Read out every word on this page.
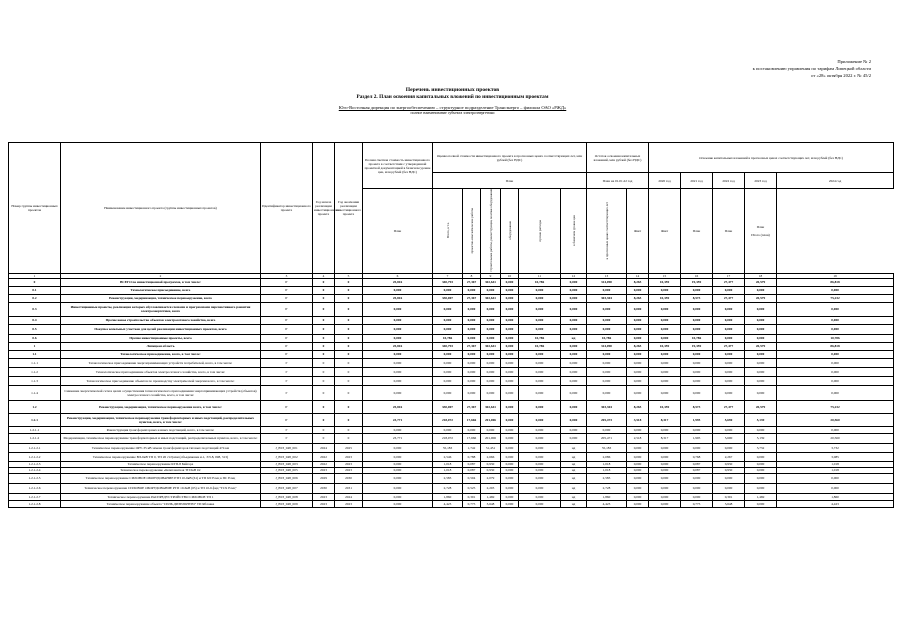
Приложение № 2
к постановлению управления по тарифам Липецкой области
от «28» октября 2022 г. № 45/2
Перечень инвестиционных проектов
Раздел 2. План освоения капитальных вложений по инвестиционным проектам
Юго-Восточная дирекция по энергообеспечению – структурное подразделение Трансэнерго – филиала ОАО «РЖД»
полное наименование субъекта электроэнергетики
Номер группы инвестиционных проектов	Наименование инвестиционного проекта (группы инвестиционных проектов)	Идентификатор инвестиционного проекта	Год начала реализации инвестиционного проекта	Год окончания реализации инвестиционного проекта	Полная сметная стоимость инвестиционного проекта в соответствии с утвержденной проектной документацией в базисном уровне цен, млн рублей (без НДС)	Оценка полной стоимости инвестиционного проекта в прогнозных ценах соответствующих лет, млн рублей (без НДС)						Остаток освоения капитальных вложений, млн рублей (без НДС)		Освоение капитальных вложений в прогнозных ценах соответствующих лет, млн рублей (без НДС)				
						План						План на 01.01.22 год		2020 год	2021 год	2022 год	2023 год	2024 год
					План	Всего, в т.ч.	проектно-изыскательские работы	строительные работы, реконструкция, монтаж оборудования	оборудование	прочие расходы	в базисном уровне цен	в прогнозных ценах соответствующих лет	Факт	Факт	План	План	План

Итого (план)	
1	2	3	4	5	6	7	8	9	10	11	12	13	14	15	16	17	18	19
0	ВСЕГО по инвестиционной программе, в том числе:	Г	0	0	25,816	340,793	27,367	302,641	0,000	10,786	0,000	314,090	8,265	10,359	19,359	27,477	20,579	86,818
0.1	Технологическое присоединение, всего	Г	0	0	0,000	0,000	0,000	0,000	0,000	0,000	0,000	0,000	0,000	0,000	0,000	0,000	0,000	0,000
0.2	Реконструкция, модернизация, техническое перевооружение, всего	Г	0	0	25,816	330,007	27,367	302,641	0,000	0,000	0,000	303,304	8,265	10,359	8,573	27,477	20,579	75,232
0.3	Инвестиционные проекты, реализация которых обуславливается схемами и программами перспективного развития электроэнергетики, всего	Г	0	0	0,000	0,000	0,000	0,000	0,000	0,000	0,000	0,000	0,000	0,000	0,000	0,000	0,000	0,000
0.4	Прочее новое строительство объектов электросетевого хозяйства, всего	Г	0	0	0,000	0,000	0,000	0,000	0,000	0,000	0,000	0,000	0,000	0,000	0,000	0,000	0,000	0,000
0.5	Покупка земельных участков для целей реализации инвестиционных проектов, всего	Г	0	0	0,000	0,000	0,000	0,000	0,000	0,000	0,000	0,000	0,000	0,000	0,000	0,000	0,000	0,000
0.6	Прочие инвестиционные проекты, всего	Г	0	0	0,000	10,786	0,000	0,000	0,000	10,786	нд	10,786	0,000	0,000	10,786	0,000	0,000	10,786
1	Липецкая область	Г	0	0	25,816	340,793	27,367	302,641	0,000	10,786	0,000	314,090	8,265	10,359	19,359	27,477	20,579	86,818
1.1	Технологическое присоединение, всего, в том числе:	Г	0	0	0,000	0,000	0,000	0,000	0,000	0,000	0,000	0,000	0,000	0,000	0,000	0,000	0,000	0,000
1.1.1	Технологическое присоединение энергопринимающих устройств потребителей, всего, в том числе:	Г	0	0	0,000	0,000	0,000	0,000	0,000	0,000	0,000	0,000	0,000	0,000	0,000	0,000	0,000	0,000
1.1.2	Технологическое присоединение объектов электросетевого хозяйства, всего, в том числе:	Г	0	0	0,000	0,000	0,000	0,000	0,000	0,000	0,000	0,000	0,000	0,000	0,000	0,000	0,000	0,000
1.1.3	Технологическое присоединение объектов по производству электрической энергии всего, в том числе:	Г	0	0	0,000	0,000	0,000	0,000	0,000	0,000	0,000	0,000	0,000	0,000	0,000	0,000	0,000	0,000
1.1.4	Снижение энергетической сети в целях осуществления технологического присоединения энергопринимающих устройств (объектов) электросетевого хозяйства, всего, в том числе:	Г	0	0	0,000	0,000	0,000	0,000	0,000	0,000	0,000	0,000	0,000	0,000	0,000	0,000	0,000	0,000
1.2	Реконструкция, модернизация, техническое перевооружение всего, в том числе:	Г	0	0	25,816	330,007	27,367	302,641	0,000	0,000	0,000	303,304	8,265	10,359	8,573	27,477	20,579	75,232
1.2.1	Реконструкция, модернизация, техническое перевооружение трансформаторных и иных подстанций, распределительных пунктов, всего, в том числе:	Г	0	0	23,771	218,072	17,666	201,006	0,000	0,000	0,000	205,473	3,518	8,317	1,995	5,690	5,139	20,560
1.2.1.1	Реконструкция трансформаторных и иных подстанций, всего, в том числе:	Г	0	0	0,000	0,000	0,000	0,000	0,000	0,000	0,000	0,000	0,000	0,000	0,000	0,000	0,000	0,000
1.2.1.2	Модернизация, техническое перевооружение трансформаторных и иных подстанций, распределительных пунктов, всего, в том числе:	Г	0	0	23,771	218,072	17,666	201,006	0,000	0,000	0,000	205,471	2,518	8,317	1,995	5,690	5,139	20,560
1.2.1.2.1	Техническое перевооружение ОРУ-35 кВ замена трансформаторов тяговых подстанций 474 км	J_ЮЭ_048_001	2024	2025	0,000	55,183	1,742	51,451	0,000	0,000	нд	55,183	0,000	0,000	0,000	0,000	3,732	3,732
1.2.1.2.2	Техническое перевооружение ВЛ-6кВ ТП 0, ТП 26 ст.Грязи (объединение и.1, ЭЭ-8, 098, 313)	J_ЮЭ_048_002	2022	2023	0,000	2,546	0,788	2,666	0,000	0,000	нд	2,086	0,000	0,000	0,768	2,267	0,000	3,085
1.2.1.2.3	Техническое перевооружение КТП-8 Байгора	J_ЮЭ_048_003	2022	2023	0,000	1,018	0,087	0,930	0,000	0,000	нд	1,018	0,000	0,000	0,087	0,930	0,000	1,018
1.2.1.2.4	Техническое перевооружение «Комплектная ТП 6кВ Ос	J_ЮЭ_048_005	2023	2023	0,000	1,018	0,087	0,930	0,000	0,000	нд	1,018	0,000	0,000	0,087	0,930	0,000	1,018
1.2.1.2.5	Техническое перевооружение СИЛОВОЕ ОБОРУДОВАНИЕ РТП 10-6кВ (61) и ТП 6/0 Елец в ПС Елец	J_ЮЭ_048_006	2029	2030	0,000	2,583	0,504	2,079	0,000	0,000	нд	2,583	0,000	0,000	0,000	0,000	0,000	0,000
1.2.1.2.6	Техническое перевооружение СИЛОВОЕ ОБОРУДОВАНИЕ РТП 10-6кВ (65) и ТП 10-6 фид "ТСХ Елец"	J_ЮЭ_048_007	2030	2031	0,000	2,728	0,525	2,203	0,000	0,000	нд	2,728	0,000	0,000	0,000	0,000	0,000	0,000
1.2.1.2.7	Техническое перевооружение РАСПРЕДУСТРОЙСТВО СИЛОВОЕ ТП 1	J_ЮЭ_048_008	2023	2024	0,000	1,860	0,391	1,469	0,000	0,000	нд	1,860	0,000	0,000	0,000	0,391	1,469	1,860
1.2.1.2.8	Техническое перевооружение объекта "СИЛЬ.ДИЗЕЛЬНУЮ" ТП Ябловка	J_ЮЭ_048_009	2023	2023	0,000	4,423	0,775	3,648	0,000	0,000	нд	4,423	0,000	0,000	0,775	3,648	0,000	4,423
